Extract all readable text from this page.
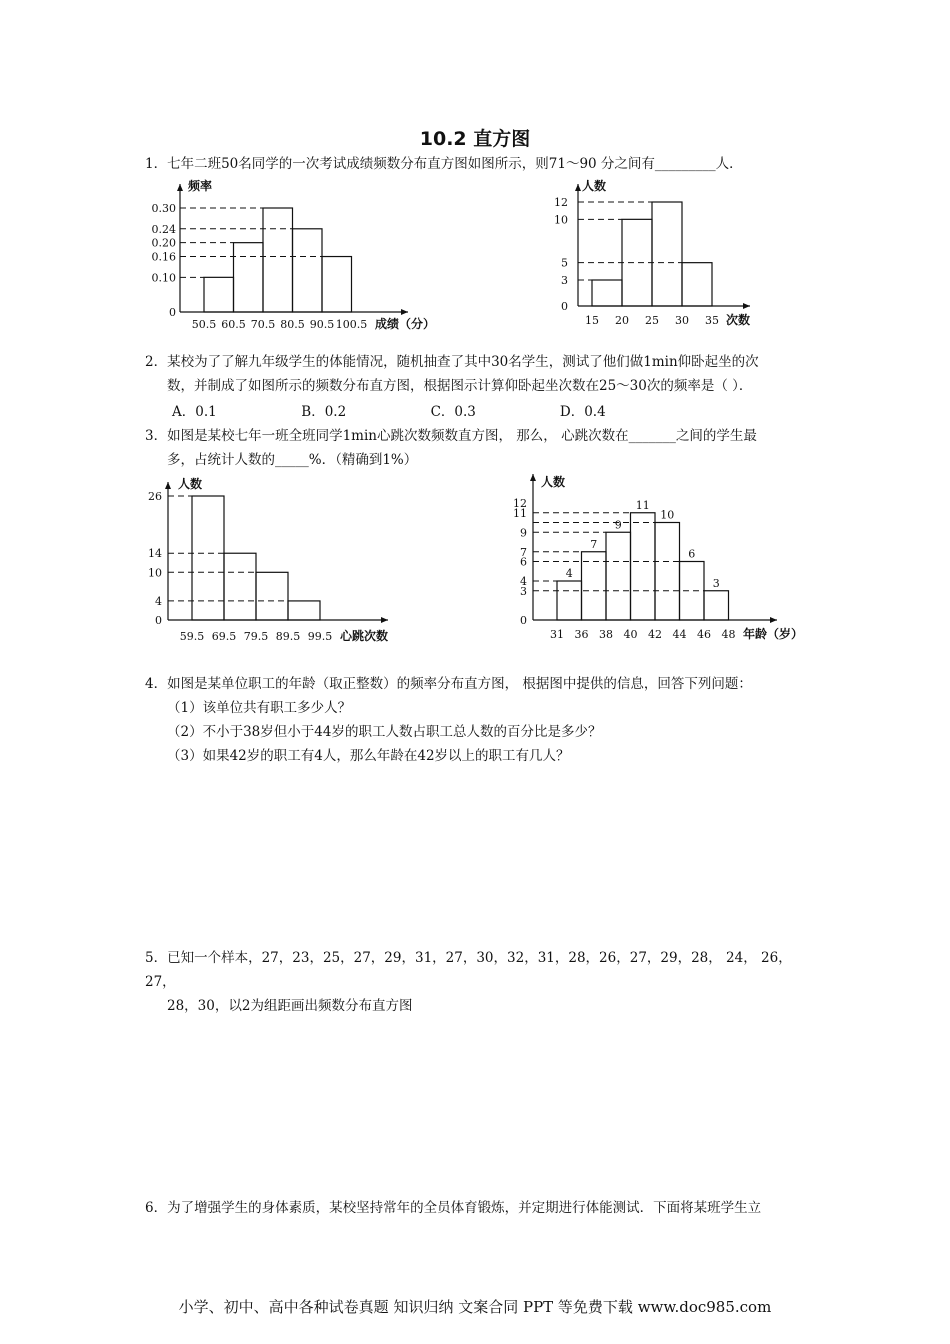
10.2 直方图
1．七年二班50名同学的一次考试成绩频数分布直方图如图所示，则71～90 分之间有_________人．
频率
成绩（分）
0.30
0.24
0.20
0.16
0.10
0
50.5 60.5 70.5 80.5 90.5 100.5
人数
次数
12
10
5
3
0
15 20 25 30 35
2．某校为了了解九年级学生的体能情况，随机抽查了其中30名学生，测试了他们做1min仰卧起坐的次
数，并制成了如图所示的频数分布直方图，根据图示计算仰卧起坐次数在25～30次的频率是（ ）．
A．0.1	B．0.2	C．0.3	D．0.4
3．如图是某校七年一班全班同学1min心跳次数频数直方图， 那么， 心跳次数在_______之间的学生最
多，占统计人数的_____%．（精确到1%）
人数
心跳次数
26
14
10
4
0
59.5 69.5 79.5 89.5 99.5
人数
年龄（岁）
4
7
9
11
10
6
3
12
11
9
7
6
4
3
0
31 36 38 40 42 44 46 48
4．如图是某单位职工的年龄（取正整数）的频率分布直方图， 根据图中提供的信息，回答下列问题：
（1）该单位共有职工多少人？
（2）不小于38岁但小于44岁的职工人数占职工总人数的百分比是多少？
（3）如果42岁的职工有4人，那么年龄在42岁以上的职工有几人？
5．已知一个样本，27，23，25，27，29，31，27，30，32，31，28，26，27，29，28， 24， 26，27，
28，30，以2为组距画出频数分布直方图
6．为了增强学生的身体素质，某校坚持常年的全员体育锻炼，并定期进行体能测试．下面将某班学生立
小学、初中、高中各种试卷真题 知识归纳 文案合同 PPT 等免费下载 www.doc985.com
